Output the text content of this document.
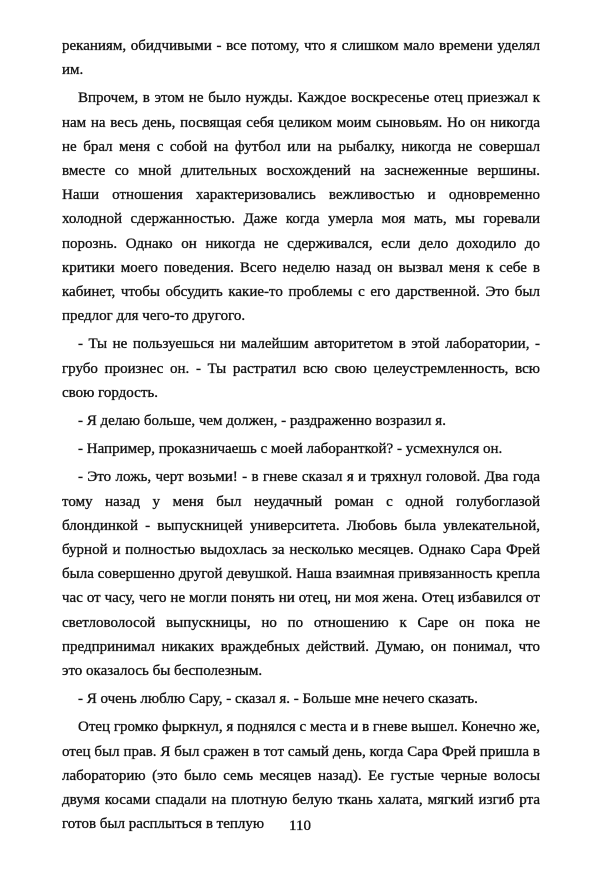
реканиям, обидчивыми - все потому, что я слишком мало времени уделял им.

Впрочем, в этом не было нужды. Каждое воскресенье отец приезжал к нам на весь день, посвящая себя целиком моим сыновьям. Но он никогда не брал меня с собой на футбол или на рыбалку, никогда не совершал вместе со мной длительных восхождений на заснеженные вершины. Наши отношения характеризовались вежливостью и одновременно холодной сдержанностью. Даже когда умерла моя мать, мы горевали порознь. Однако он никогда не сдерживался, если дело доходило до критики моего поведения. Всего неделю назад он вызвал меня к себе в кабинет, чтобы обсудить какие-то проблемы с его дарственной. Это был предлог для чего-то другого.

- Ты не пользуешься ни малейшим авторитетом в этой лаборатории, - грубо произнес он. - Ты растратил всю свою целеустремленность, всю свою гордость.

- Я делаю больше, чем должен, - раздраженно возразил я.

- Например, проказничаешь с моей лаборанткой? - усмехнулся он.

- Это ложь, черт возьми! - в гневе сказал я и тряхнул головой. Два года тому назад у меня был неудачный роман с одной голубоглазой блондинкой - выпускницей университета. Любовь была увлекательной, бурной и полностью выдохлась за несколько месяцев. Однако Сара Фрей была совершенно другой девушкой. Наша взаимная привязанность крепла час от часу, чего не могли понять ни отец, ни моя жена. Отец избавился от светловолосой выпускницы, но по отношению к Саре он пока не предпринимал никаких враждебных действий. Думаю, он понимал, что это оказалось бы бесполезным.

- Я очень люблю Сару, - сказал я. - Больше мне нечего сказать.

Отец громко фыркнул, я поднялся с места и в гневе вышел. Конечно же, отец был прав. Я был сражен в тот самый день, когда Сара Фрей пришла в лабораторию (это было семь месяцев назад). Ее густые черные волосы двумя косами спадали на плотную белую ткань халата, мягкий изгиб рта готов был расплыться в теплую	110
